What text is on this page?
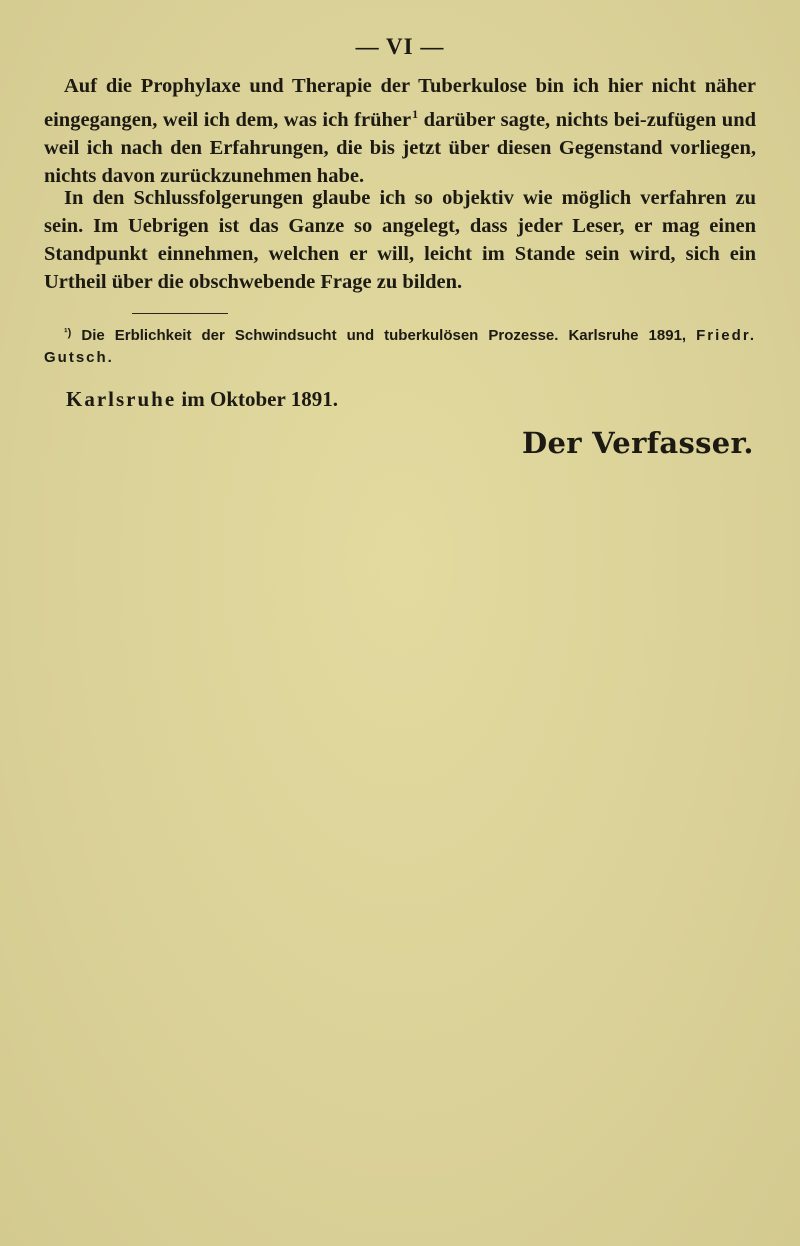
— VI —

Auf die Prophylaxe und Therapie der Tuberkulose bin ich hier nicht näher eingegangen, weil ich dem, was ich früher$^1$ darüber sagte, nichts bei-zufügen und weil ich nach den Erfahrungen, die bis jetzt über diesen Gegenstand vorliegen, nichts davon zurückzunehmen habe.

In den Schlussfolgerungen glaube ich so objektiv wie möglich verfahren zu sein. Im Uebrigen ist das Ganze so angelegt, dass jeder Leser, er mag einen Standpunkt einnehmen, welchen er will, leicht im Stande sein wird, sich ein Urtheil über die obschwebende Frage zu bilden.

$^{^1)}$ Die Erblichkeit der Schwindsucht und tuberkulösen Prozesse. Karlsruhe 1891, Friedr. Gutsch.
Karlsruhe im Oktober 1891.
Der Verfasser.
